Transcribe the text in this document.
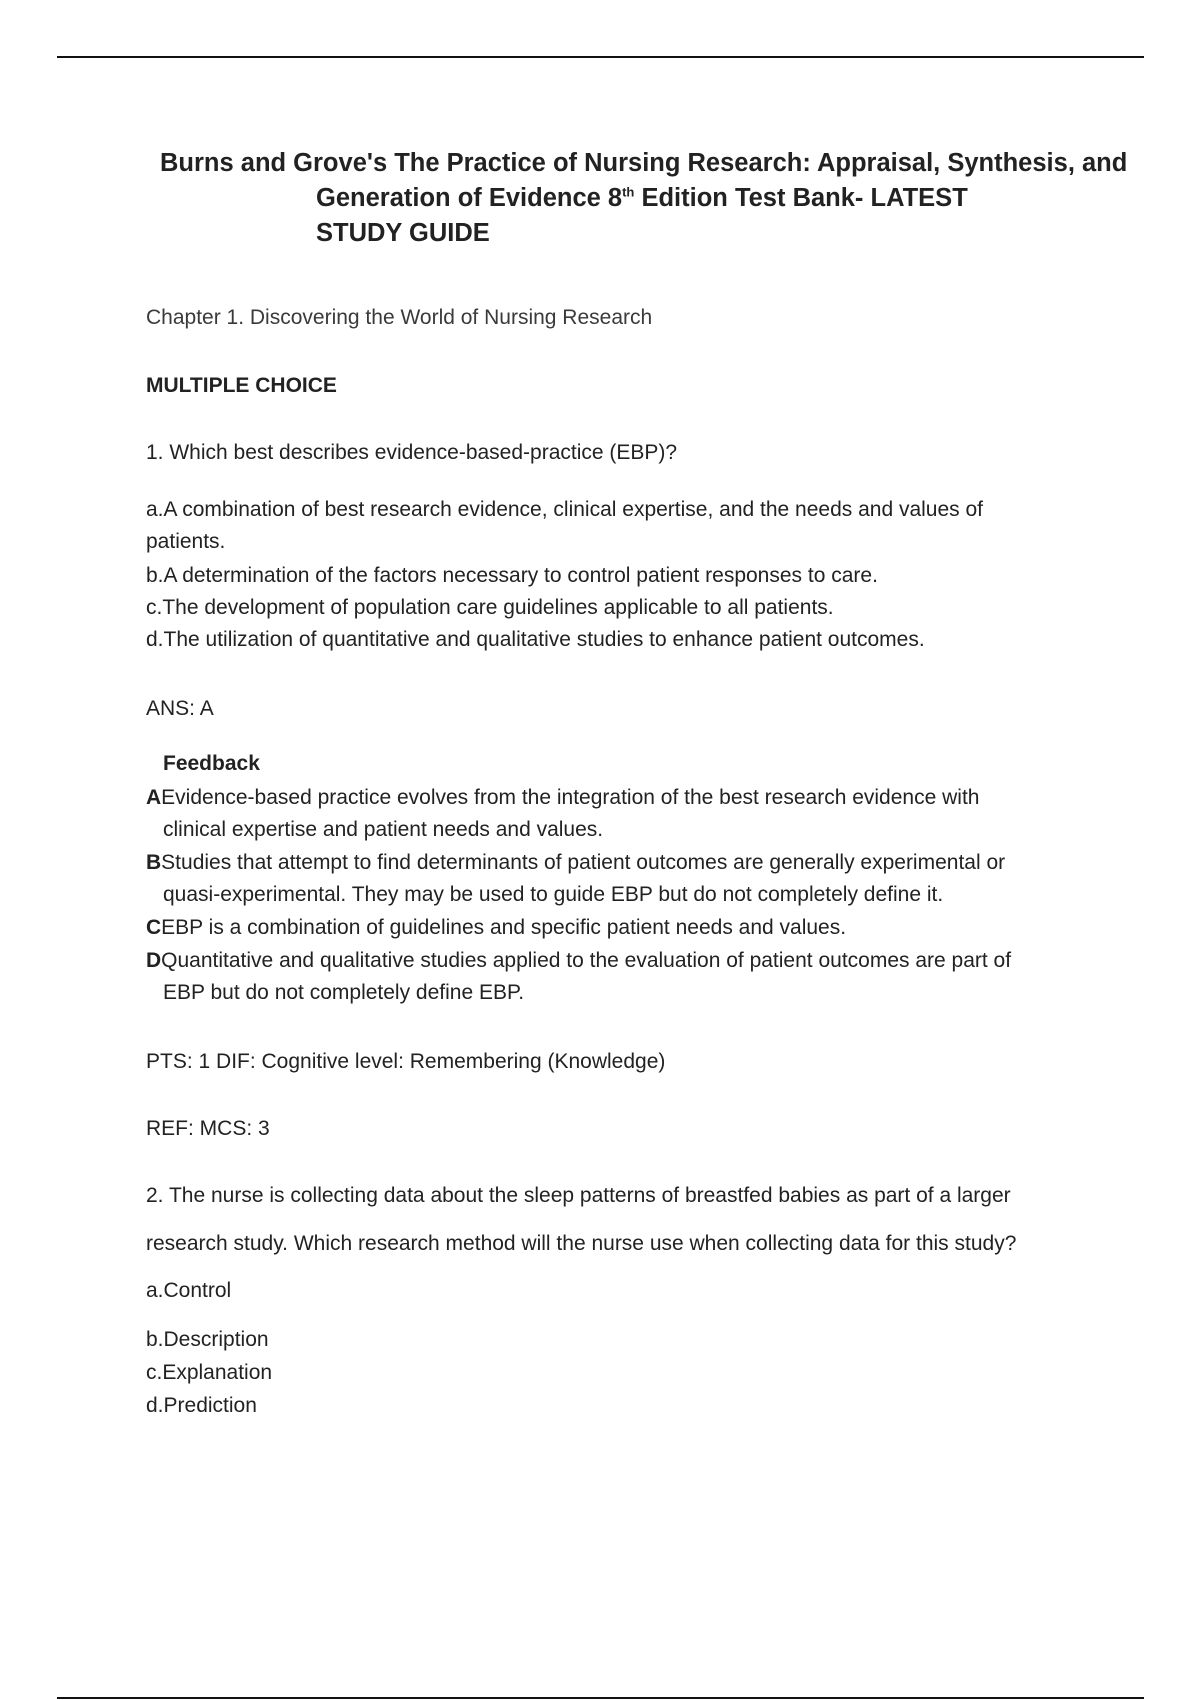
Burns and Grove's The Practice of Nursing Research: Appraisal, Synthesis, and
Generation of Evidence 8th Edition Test Bank- LATEST
STUDY GUIDE
Chapter 1. Discovering the World of Nursing Research
MULTIPLE CHOICE
1. Which best describes evidence-based-practice (EBP)?
a.A combination of best research evidence, clinical expertise, and the needs and values of
patients.
b.A determination of the factors necessary to control patient responses to care.
c.The development of population care guidelines applicable to all patients.
d.The utilization of quantitative and qualitative studies to enhance patient outcomes.
ANS: A
Feedback
AEvidence-based practice evolves from the integration of the best research evidence with
clinical expertise and patient needs and values.
BStudies that attempt to find determinants of patient outcomes are generally experimental or
quasi-experimental. They may be used to guide EBP but do not completely define it.
CEBP is a combination of guidelines and specific patient needs and values.
DQuantitative and qualitative studies applied to the evaluation of patient outcomes are part of
EBP but do not completely define EBP.
PTS: 1 DIF: Cognitive level: Remembering (Knowledge)
REF: MCS: 3
2. The nurse is collecting data about the sleep patterns of breastfed babies as part of a larger
research study. Which research method will the nurse use when collecting data for this study?
a.Control
b.Description
c.Explanation
d.Prediction
